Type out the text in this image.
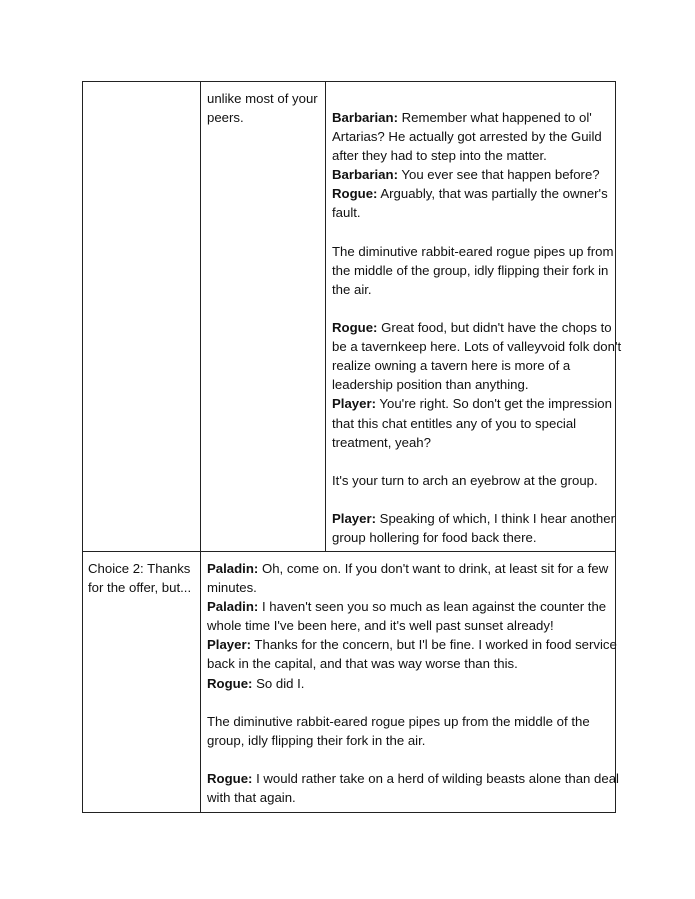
unlike most of your
peers.	Barbarian: Remember what happened to ol'
Artarias? He actually got arrested by the Guild
after they had to step into the matter.
Barbarian: You ever see that happen before?
Rogue: Arguably, that was partially the owner's
fault.
The diminutive rabbit-eared rogue pipes up from
the middle of the group, idly flipping their fork in
the air.
Rogue: Great food, but didn't have the chops to
be a tavernkeep here. Lots of valleyvoid folk don't
realize owning a tavern here is more of a
leadership position than anything.
Player: You're right. So don't get the impression
that this chat entitles any of you to special
treatment, yeah?
It's your turn to arch an eyebrow at the group.
Player: Speaking of which, I think I hear another
group hollering for food back there.
Choice 2: Thanks
for the offer, but...
Paladin: Oh, come on. If you don't want to drink, at least sit for a few
minutes.
Paladin: I haven't seen you so much as lean against the counter the
whole time I've been here, and it's well past sunset already!
Player: Thanks for the concern, but I'l be fine. I worked in food service
back in the capital, and that was way worse than this.
Rogue: So did I.
The diminutive rabbit-eared rogue pipes up from the middle of the
group, idly flipping their fork in the air.
Rogue: I would rather take on a herd of wilding beasts alone than deal
with that again.
